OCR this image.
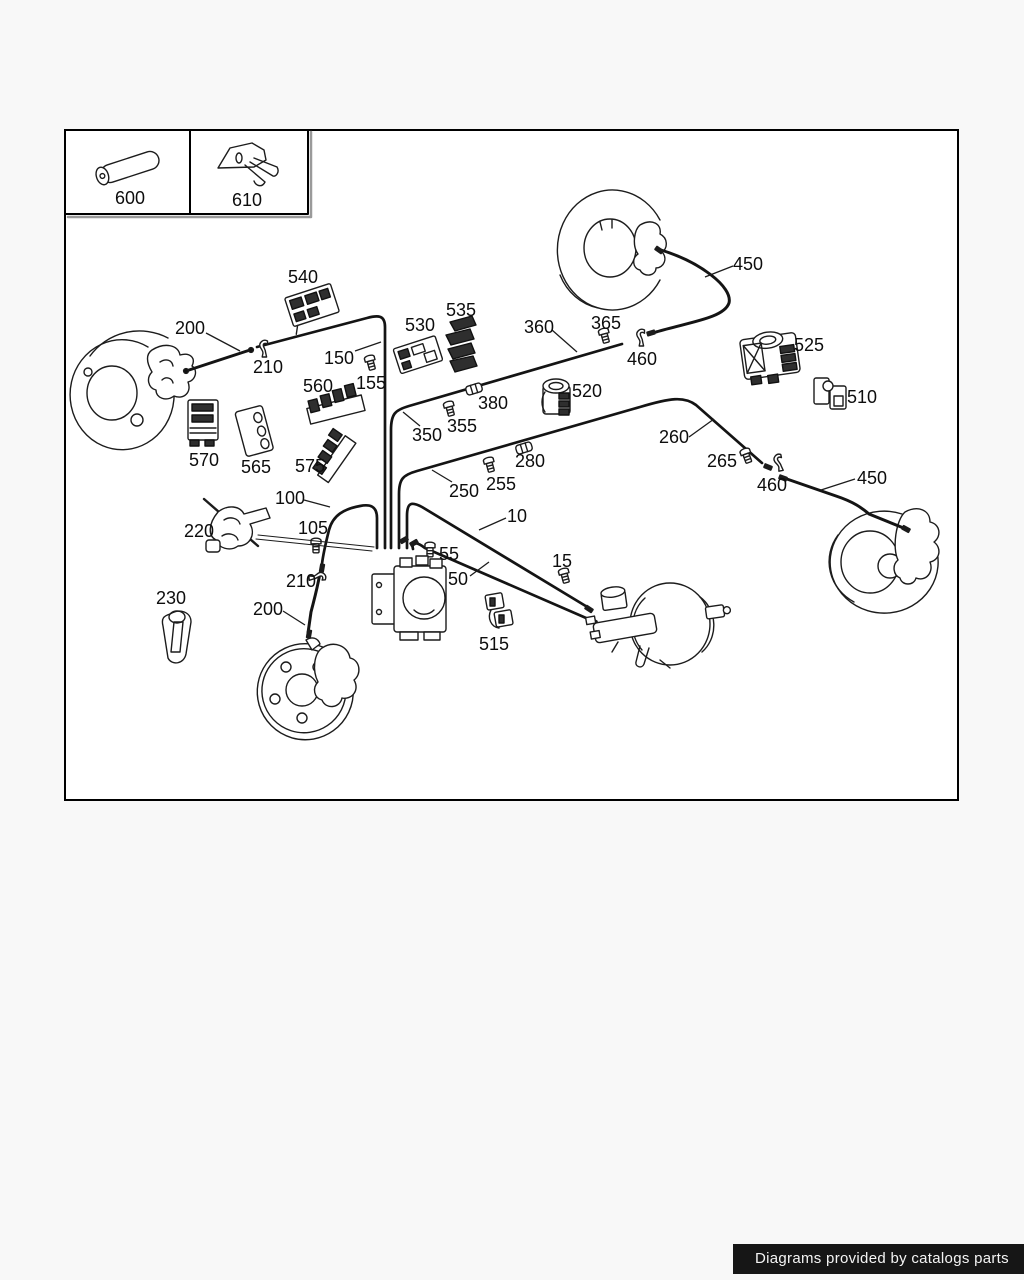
600	610
540
200
210 150
155
530
535
360 365
450
460
525
510
560
380
355
350
520
570 565 575
260
265
460	450
100	250 255
280
220	105
10
55	15
50
210
230
200
515
Diagrams provided by catalogs parts
